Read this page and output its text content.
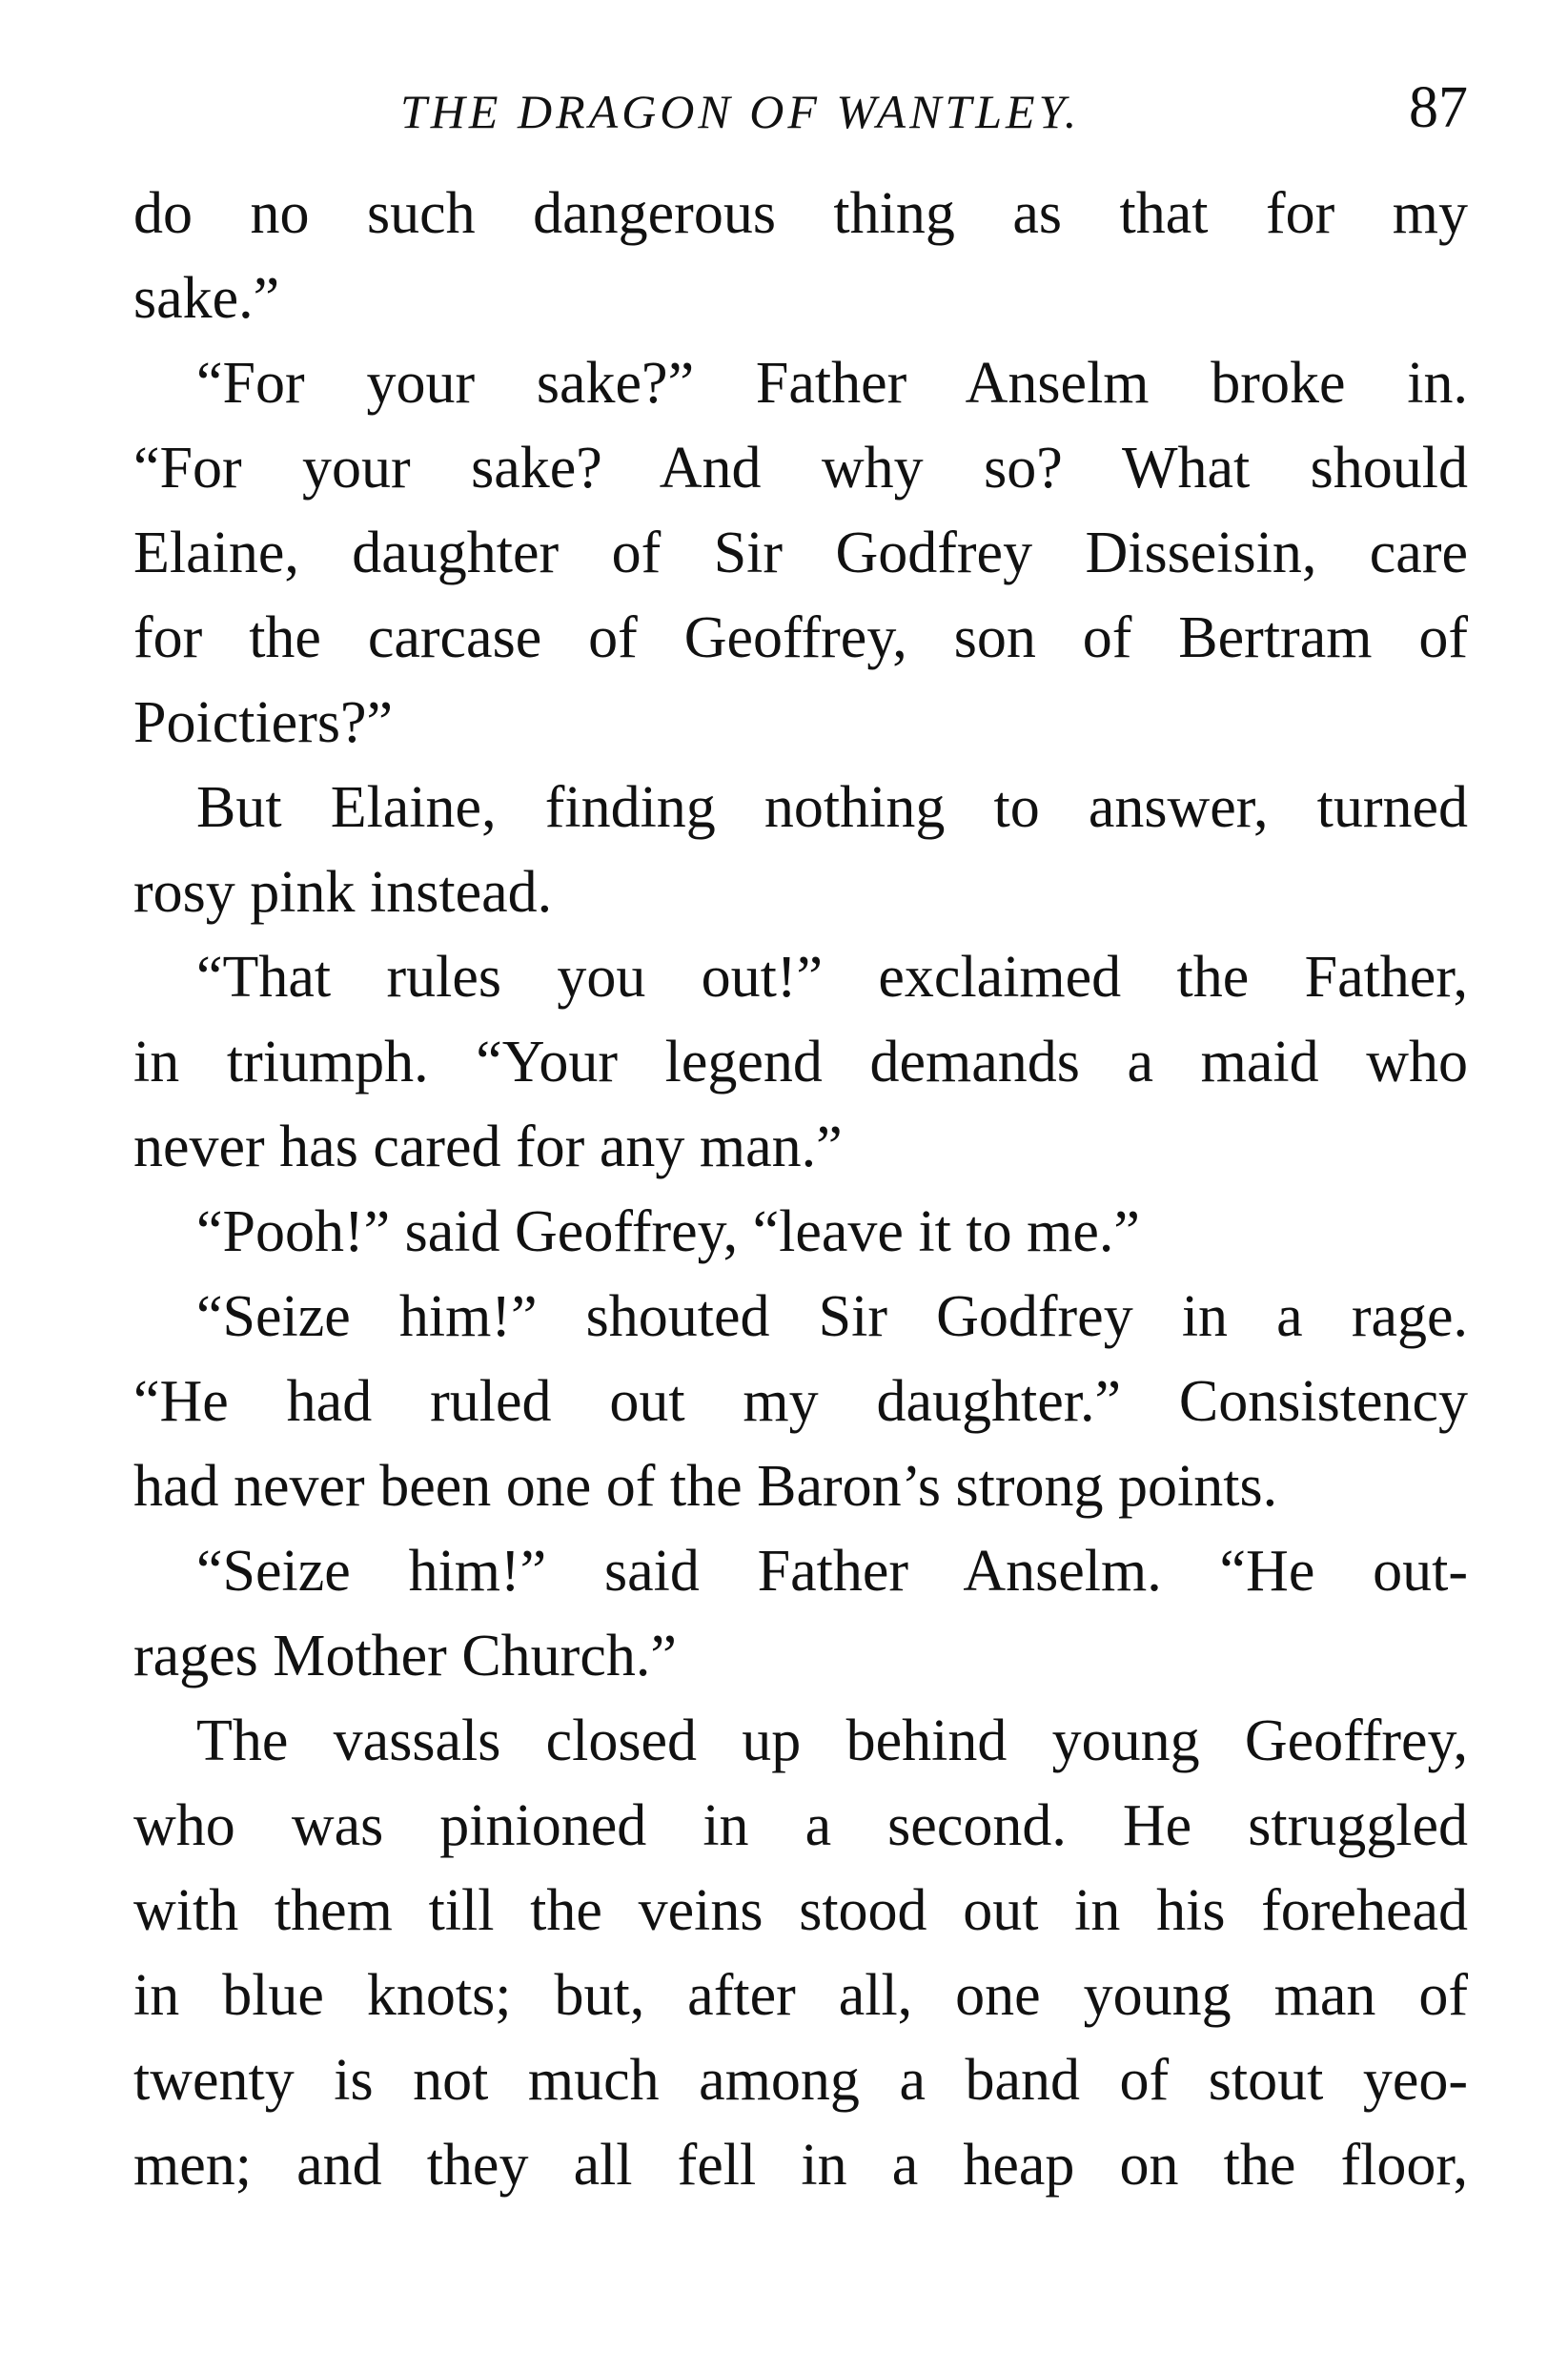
THE DRAGON OF WANTLEY.	87
do no such dangerous thing as that for my
sake.”
“For your sake?” Father Anselm broke in.
“For your sake? And why so? What should
Elaine, daughter of Sir Godfrey Disseisin, care
for the carcase of Geoffrey, son of Bertram of
Poictiers?”
But Elaine, finding nothing to answer, turned
rosy pink instead.
“That rules you out!” exclaimed the Father,
in triumph. “Your legend demands a maid who
never has cared for any man.”
“Pooh!” said Geoffrey, “leave it to me.”
“Seize him!” shouted Sir Godfrey in a rage.
“He had ruled out my daughter.” Consistency
had never been one of the Baron’s strong points.
“Seize him!” said Father Anselm. “He out-
rages Mother Church.”
The vassals closed up behind young Geoffrey,
who was pinioned in a second. He struggled
with them till the veins stood out in his forehead
in blue knots; but, after all, one young man of
twenty is not much among a band of stout yeo-
men; and they all fell in a heap on the floor,
